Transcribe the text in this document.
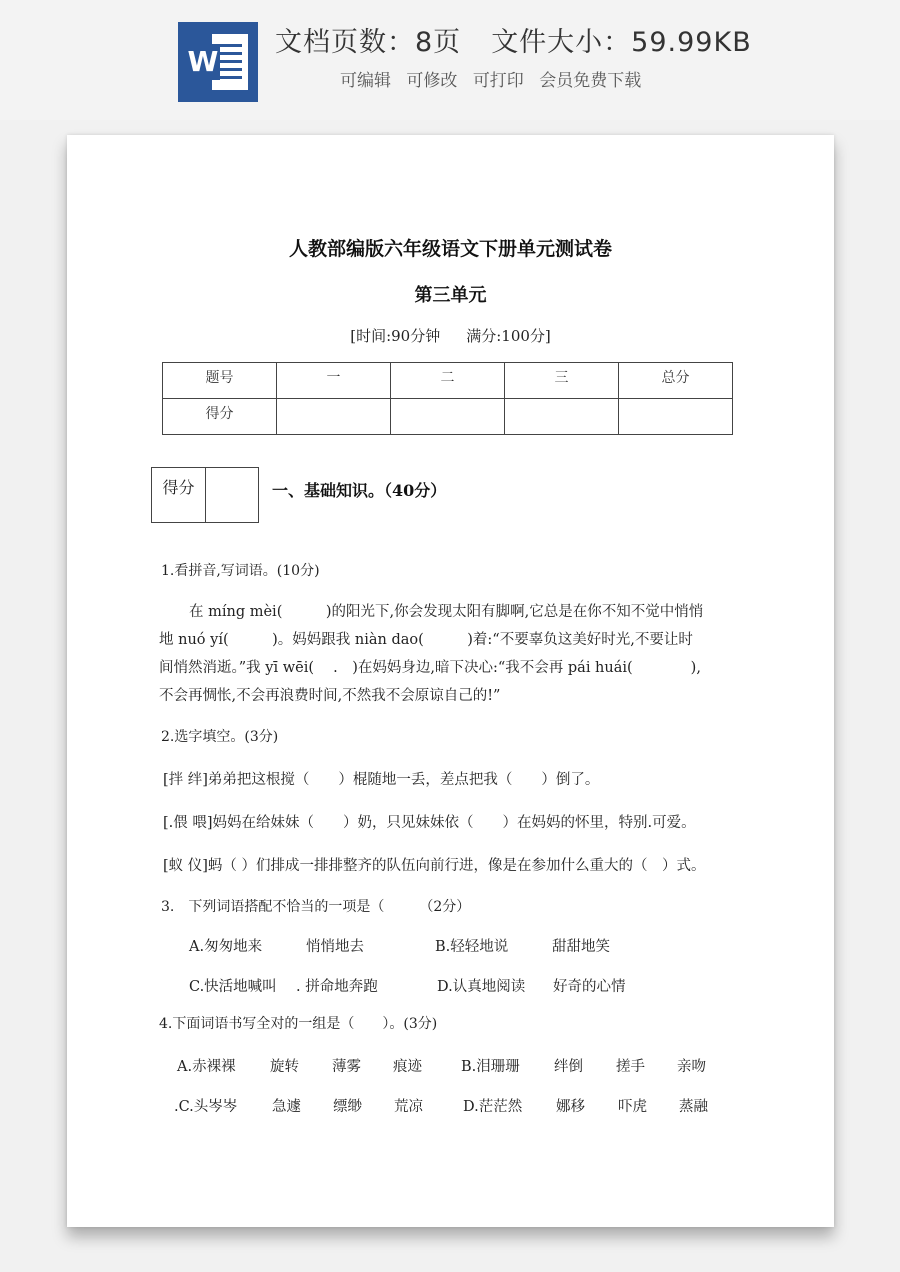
W
文档页数：8页 文件大小：59.99KB
可编辑 可修改 可打印 会员免费下载
人教部编版六年级语文下册单元测试卷
第三单元
[时间:90分钟 满分:100分]
题号	一	二	三	总分
得分				
得分	一、基础知识。（40分）
1.看拼音,写词语。(10分)
在 míng mèi(　　　)的阳光下,你会发现太阳有脚啊,它总是在你不知不觉中悄悄
地 nuó yí(　　　)。妈妈跟我 niàn dao(　　　)着:“不要辜负这美好时光,不要让时
间悄然消逝。”我 yī wēi(　 .　)在妈妈身边,暗下决心:“我不会再 pái huái(　　　　),
不会再惆怅,不会再浪费时间,不然我不会原谅自己的!”
2.选字填空。(3分)
[拌 绊]弟弟把这根搅（　　）棍随地一丢，差点把我（　　）倒了。
[.偎 喂]妈妈在给妹妹（　　）奶，只见妹妹依（　　）在妈妈的怀里，特别.可爱。
[蚁 仪]蚂（ ）们排成一排排整齐的队伍向前行进，像是在参加什么重大的（　）式。
3.　下列词语搭配不恰当的一项是（　　　（2分）
A.匆匆地来	悄悄地去	B.轻轻地说	甜甜地笑
C.快活地喊叫 . 拼命地奔跑	D.认真地阅读 好奇的心情
4.下面词语书写全对的一组是（　　）。(3分)
A.赤裸裸 旋转 薄雾 痕迹	B.泪珊珊 绊倒 搓手 亲吻
.C.头岑岑 急遽 缥缈 荒凉	D.茫茫然 娜移 吓虎 蒸融
